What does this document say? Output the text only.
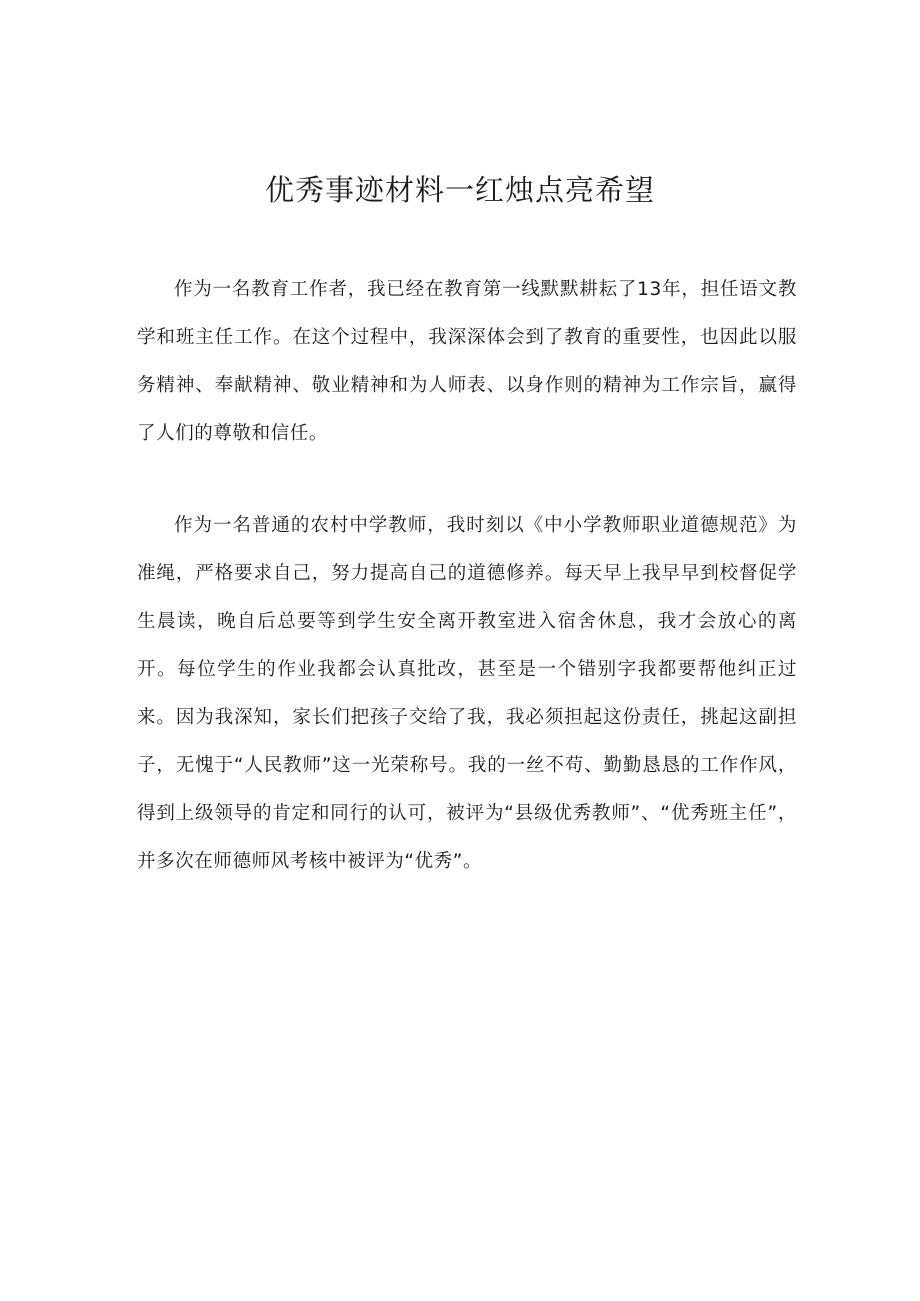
优秀事迹材料一红烛点亮希望

作为一名教育工作者，我已经在教育第一线默默耕耘了13年，担任语文教学和班主任工作。在这个过程中，我深深体会到了教育的重要性，也因此以服务精神、奉献精神、敬业精神和为人师表、以身作则的精神为工作宗旨，赢得了人们的尊敬和信任。

作为一名普通的农村中学教师，我时刻以《中小学教师职业道德规范》为准绳，严格要求自己，努力提高自己的道德修养。每天早上我早早到校督促学生晨读，晚自后总要等到学生安全离开教室进入宿舍休息，我才会放心的离开。每位学生的作业我都会认真批改，甚至是一个错别字我都要帮他纠正过来。因为我深知，家长们把孩子交给了我，我必须担起这份责任，挑起这副担子，无愧于“人民教师”这一光荣称号。我的一丝不苟、勤勤恳恳的工作作风，得到上级领导的肯定和同行的认可，被评为“县级优秀教师”、“优秀班主任”，并多次在师德师风考核中被评为“优秀”。
